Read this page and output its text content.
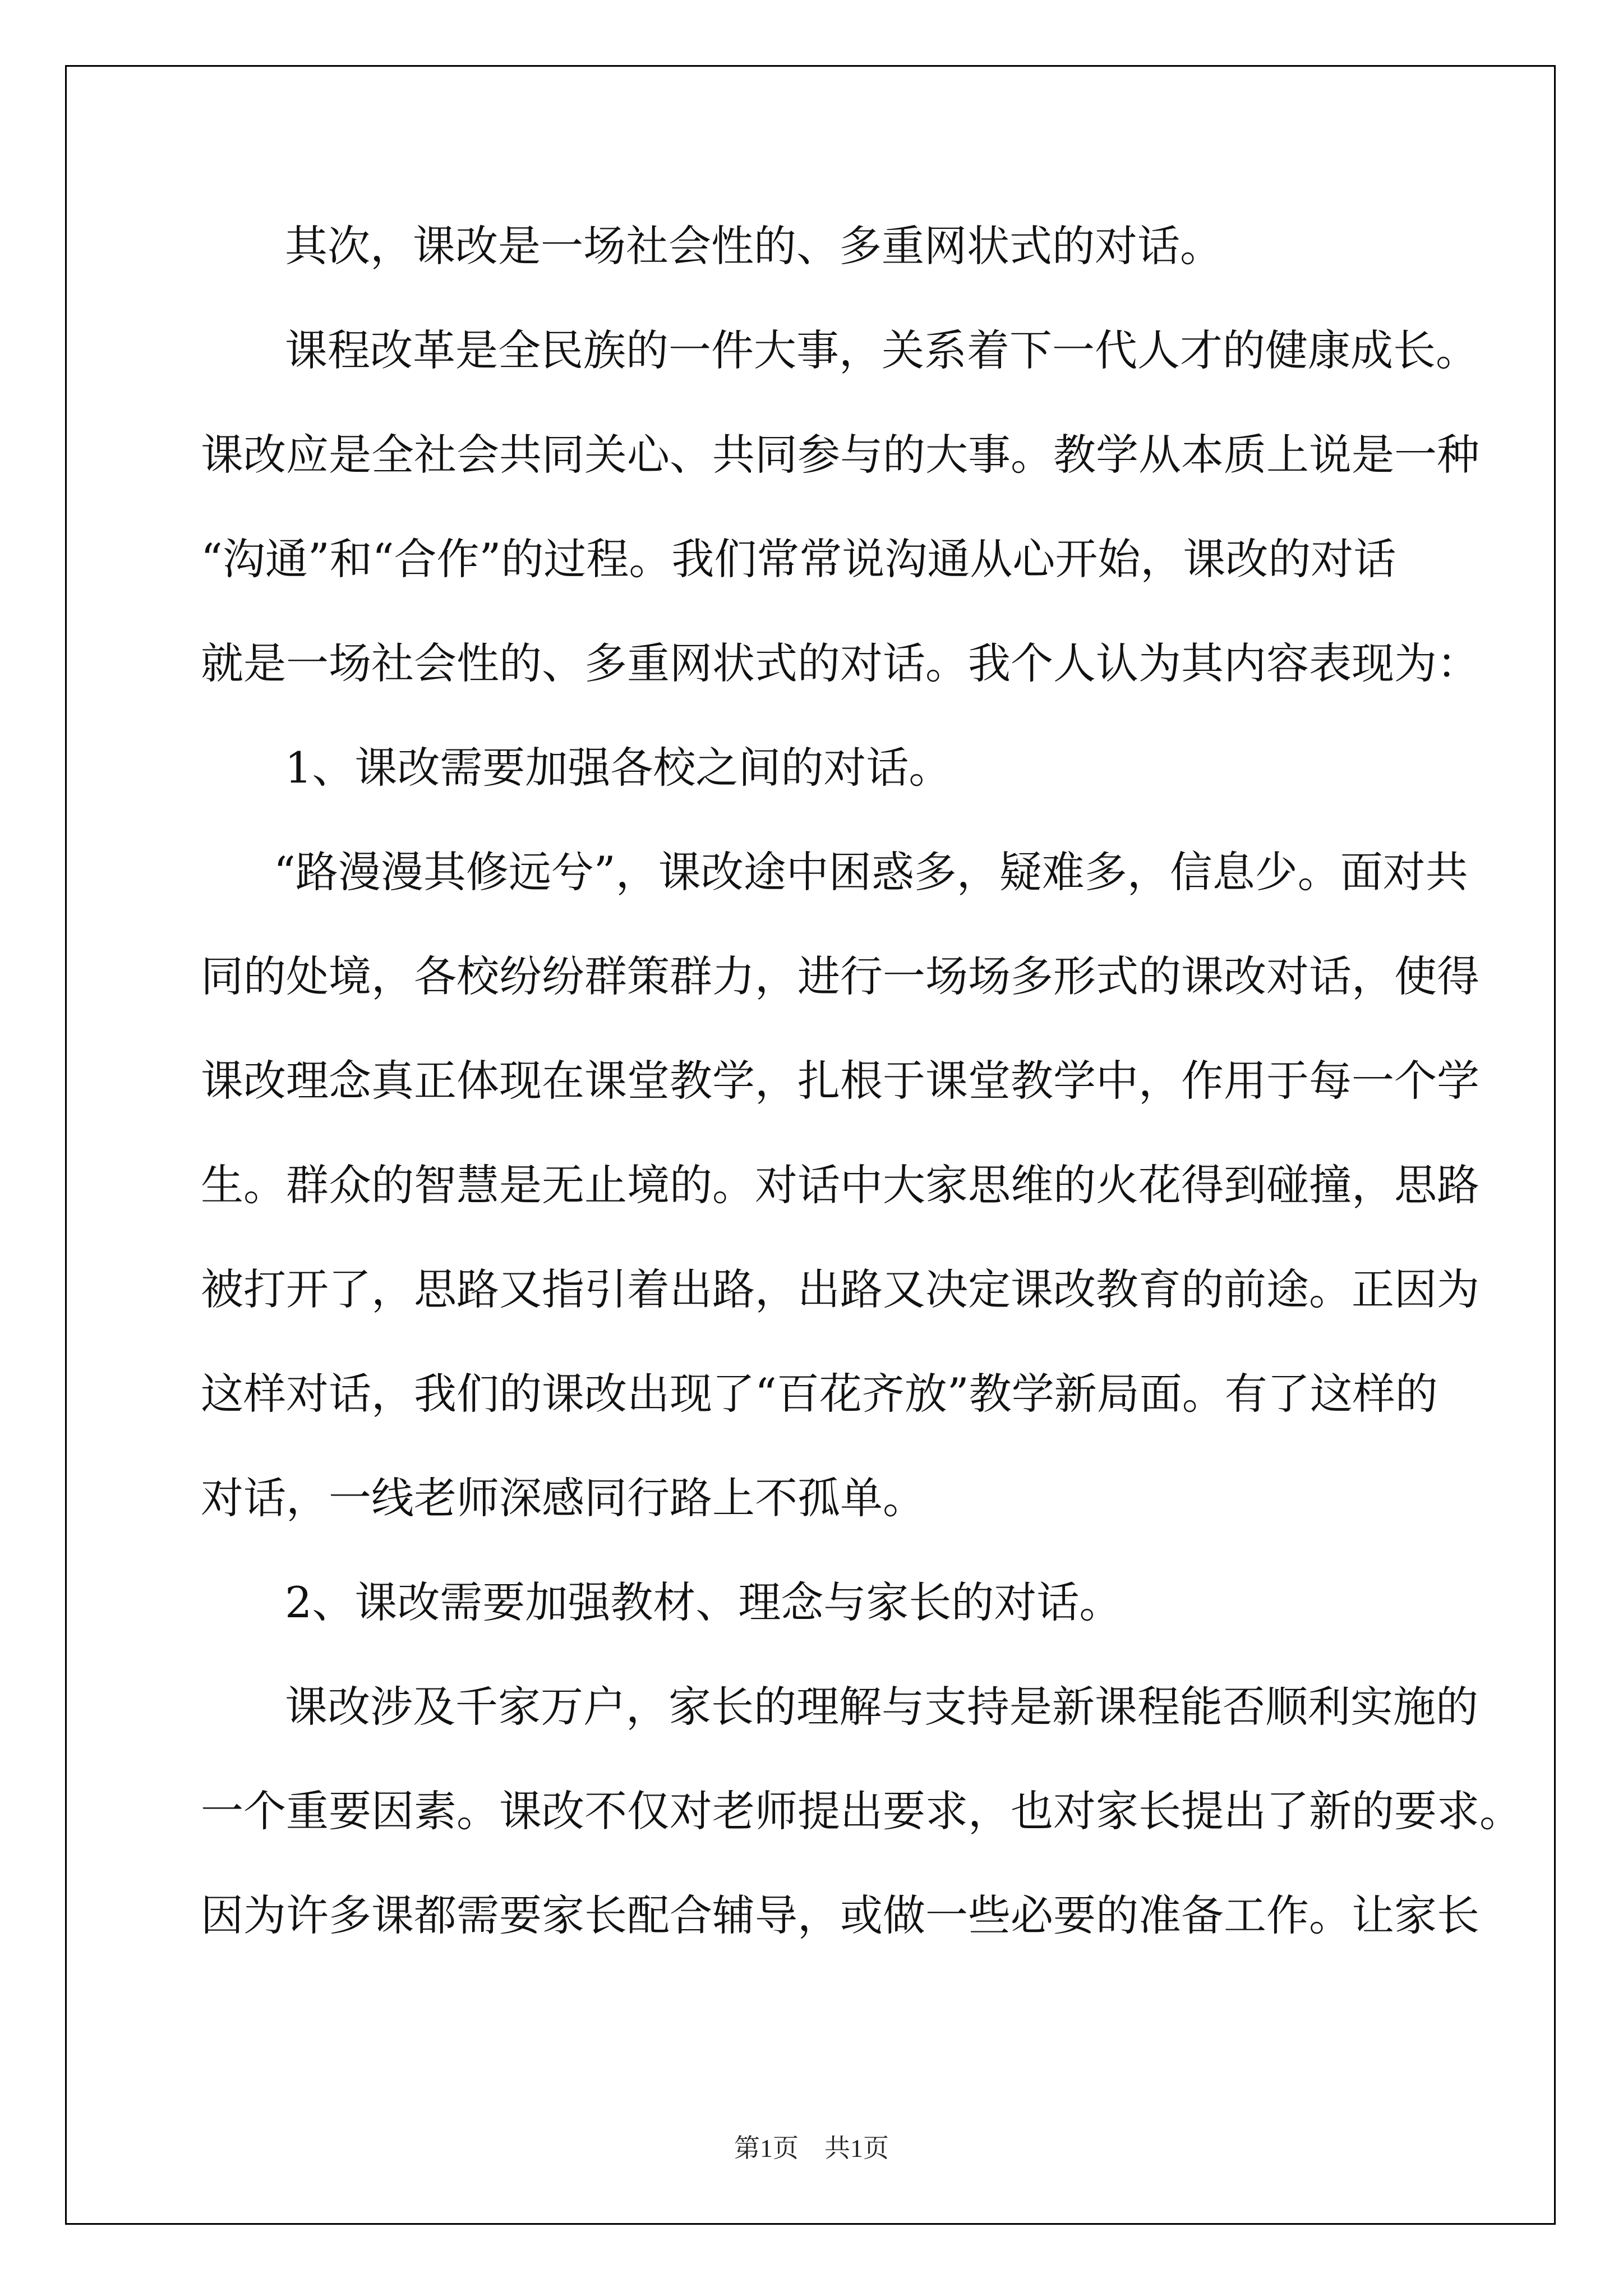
其次，课改是一场社会性的、多重网状式的对话。
课程改革是全民族的一件大事，关系着下一代人才的健康成长。
课改应是全社会共同关心、共同参与的大事。教学从本质上说是一种
“沟通”和“合作”的过程。我们常常说沟通从心开始，课改的对话
就是一场社会性的、多重网状式的对话。我个人认为其内容表现为：
1、课改需要加强各校之间的对话。
“路漫漫其修远兮”，课改途中困惑多，疑难多，信息少。面对共
同的处境，各校纷纷群策群力，进行一场场多形式的课改对话，使得
课改理念真正体现在课堂教学，扎根于课堂教学中，作用于每一个学
生。群众的智慧是无止境的。对话中大家思维的火花得到碰撞，思路
被打开了，思路又指引着出路，出路又决定课改教育的前途。正因为
这样对话，我们的课改出现了“百花齐放”教学新局面。有了这样的
对话，一线老师深感同行路上不孤单。
2、课改需要加强教材、理念与家长的对话。
课改涉及千家万户，家长的理解与支持是新课程能否顺利实施的
一个重要因素。课改不仅对老师提出要求，也对家长提出了新的要求。
因为许多课都需要家长配合辅导，或做一些必要的准备工作。让家长
第1页　共1页
